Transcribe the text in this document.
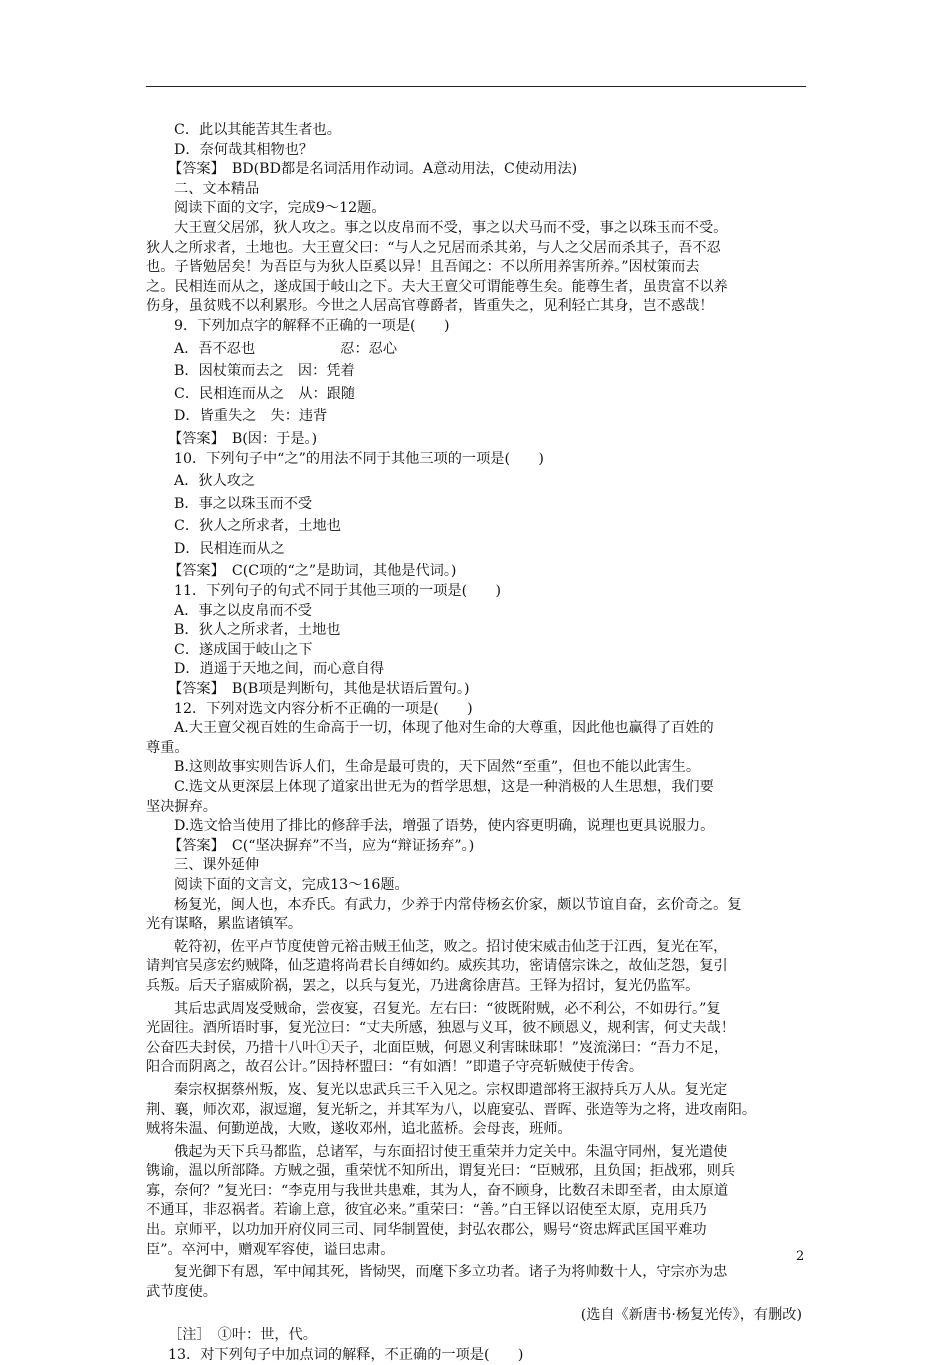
C．此以其能苦其生者也。
D．奈何哉其相物也？
【答案】　BD(BD都是名词活用作动词。A意动用法，C使动用法)
二、文本精品
阅读下面的文字，完成9～12题。
大王亶父居邠，狄人攻之。事之以皮帛而不受，事之以犬马而不受，事之以珠玉而不受。
狄人之所求者，土地也。大王亶父曰：“与人之兄居而杀其弟，与人之父居而杀其子，吾不忍
也。子皆勉居矣！为吾臣与为狄人臣奚以异！且吾闻之：不以所用养害所养。”因杖策而去
之。民相连而从之，遂成国于岐山之下。夫大王亶父可谓能尊生矣。能尊生者，虽贵富不以养
伤身，虽贫贱不以利累形。今世之人居高官尊爵者，皆重失之，见利轻亡其身，岂不惑哉！
9．下列加点字的解释不正确的一项是(　　)
A．吾不忍也　　　　　　忍：忍心
B．因杖策而去之　因：凭着
C．民相连而从之　从：跟随
D．皆重失之　失：违背
【答案】　B(因：于是。)
10．下列句子中“之”的用法不同于其他三项的一项是(　　)
A．狄人攻之
B．事之以珠玉而不受
C．狄人之所求者，土地也
D．民相连而从之
【答案】　C(C项的“之”是助词，其他是代词。)
11．下列句子的句式不同于其他三项的一项是(　　)
A．事之以皮帛而不受
B．狄人之所求者，土地也
C．遂成国于岐山之下
D．逍遥于天地之间，而心意自得
【答案】　B(B项是判断句，其他是状语后置句。)
12．下列对选文内容分析不正确的一项是(　　)
A.大王亶父视百姓的生命高于一切，体现了他对生命的大尊重，因此他也赢得了百姓的
尊重。
B.这则故事实则告诉人们，生命是最可贵的，天下固然“至重”，但也不能以此害生。
C.选文从更深层上体现了道家出世无为的哲学思想，这是一种消极的人生思想，我们要
坚决摒弃。
D.选文恰当使用了排比的修辞手法，增强了语势，使内容更明确，说理也更具说服力。
【答案】　C(“坚决摒弃”不当，应为“辩证扬弃”。)
三、课外延伸
阅读下面的文言文，完成13～16题。
杨复光，闽人也，本乔氏。有武力，少养于内常侍杨玄价家，颇以节谊自奋，玄价奇之。复
光有谋略，累监诸镇军。
乾符初，佐平卢节度使曾元裕击贼王仙芝，败之。招讨使宋威击仙芝于江西，复光在军，
请判官吴彦宏约贼降，仙芝遣将尚君长自缚如约。威疾其功，密请僖宗诛之，故仙芝怨，复引
兵叛。后天子寤威阶祸，罢之，以兵与复光，乃进禽徐唐莒。王铎为招讨，复光仍监军。
其后忠武周岌受贼命，尝夜宴，召复光。左右曰：“彼既附贼，必不利公，不如毋行。”复
光固往。酒所语时事，复光泣曰：“丈夫所感，独恩与义耳，彼不顾恩义，规利害，何丈夫哉！
公奋匹夫封侯，乃措十八叶①天子，北面臣贼，何恩义利害昧昧耶！”岌流涕曰：“吾力不足，
阳合而阴离之，故召公计。”因持杯盟曰：“有如酒！”即遣子守亮斩贼使于传舍。
秦宗权据蔡州叛，岌、复光以忠武兵三千入见之。宗权即遣部将王淑持兵万人从。复光定
荆、襄，师次邓，淑逗遛，复光斩之，并其军为八，以鹿宴弘、晋晖、张造等为之将，进攻南阳。
贼将朱温、何勤逆战，大败，遂收邓州，追北蓝桥。会母丧，班师。
俄起为天下兵马都监，总诸军，与东面招讨使王重荣并力定关中。朱温守同州，复光遣使
镌谕，温以所部降。方贼之强，重荣忧不知所出，谓复光曰：“臣贼邪，且负国；拒战邪，则兵
寡，奈何？”复光曰：“李克用与我世共患难，其为人，奋不顾身，比数召未即至者，由太原道
不通耳，非忍祸者。若谕上意，彼宜必来。”重荣曰：“善。”白王铎以诏使至太原，克用兵乃
出。京师平，以功加开府仪同三司、同华制置使，封弘农郡公，赐号“资忠辉武匡国平难功
臣”。卒河中，赠观军容使，谥曰忠肃。
复光御下有恩，军中闻其死，皆恸哭，而麾下多立功者。诸子为将帅数十人，守宗亦为忠
武节度使。
(选自《新唐书·杨复光传》，有删改)
［注］　①叶：世，代。
13．对下列句子中加点词的解释，不正确的一项是(　　)
2
